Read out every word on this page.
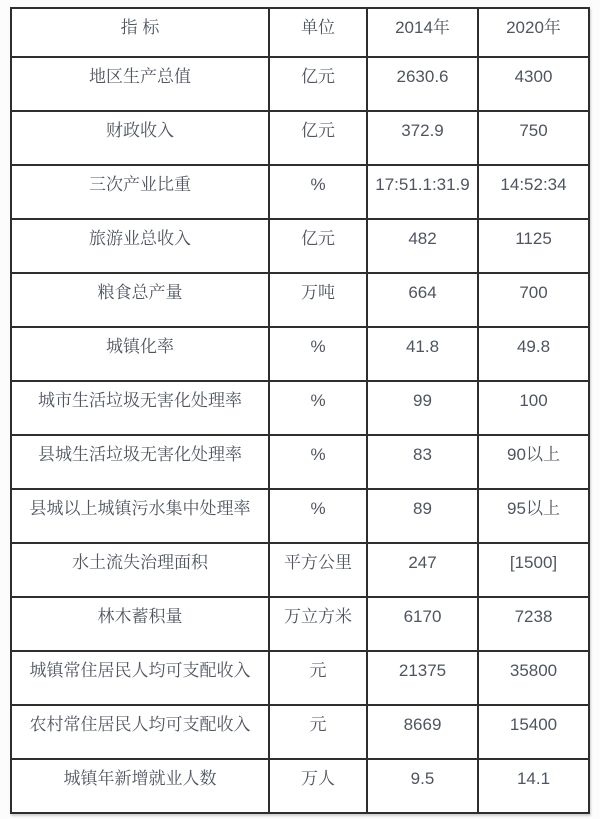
指 标	单位	2014年	2020年
地区生产总值	亿元	2630.6	4300
财政收入	亿元	372.9	750
三次产业比重	%	17:51.1:31.9	14:52:34
旅游业总收入	亿元	482	1125
粮食总产量	万吨	664	700
城镇化率	%	41.8	49.8
城市生活垃圾无害化处理率	%	99	100
县城生活垃圾无害化处理率	%	83	90以上
县城以上城镇污水集中处理率	%	89	95以上
水土流失治理面积	平方公里	247	[1500]
林木蓄积量	万立方米	6170	7238
城镇常住居民人均可支配收入	元	21375	35800
农村常住居民人均可支配收入	元	8669	15400
城镇年新增就业人数	万人	9.5	14.1
